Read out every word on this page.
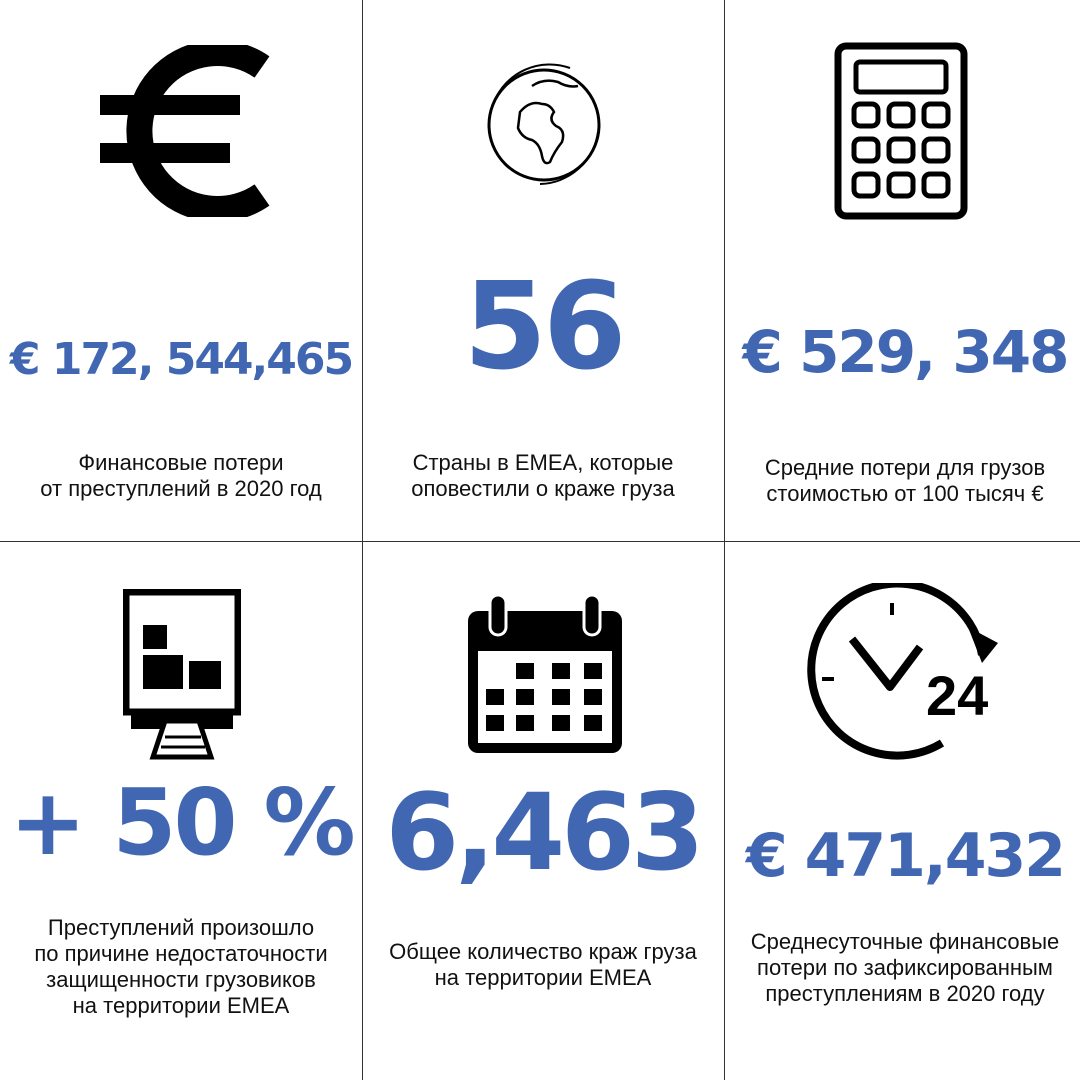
€ 172, 544,465
Финансовые потери
от преступлений в 2020 год
56
Страны в EMEA, которые
оповестили о краже груза
€ 529, 348
Средние потери для грузов
стоимостью от 100 тысяч €
+ 50 %
Преступлений произошло
по причине недостаточности
защищенности грузовиков
на территории EMEA
6,463
Общее количество краж груза
на территории EMEA
24
€ 471,432
Среднесуточные финансовые
потери по зафиксированным
преступлениям в 2020 году
